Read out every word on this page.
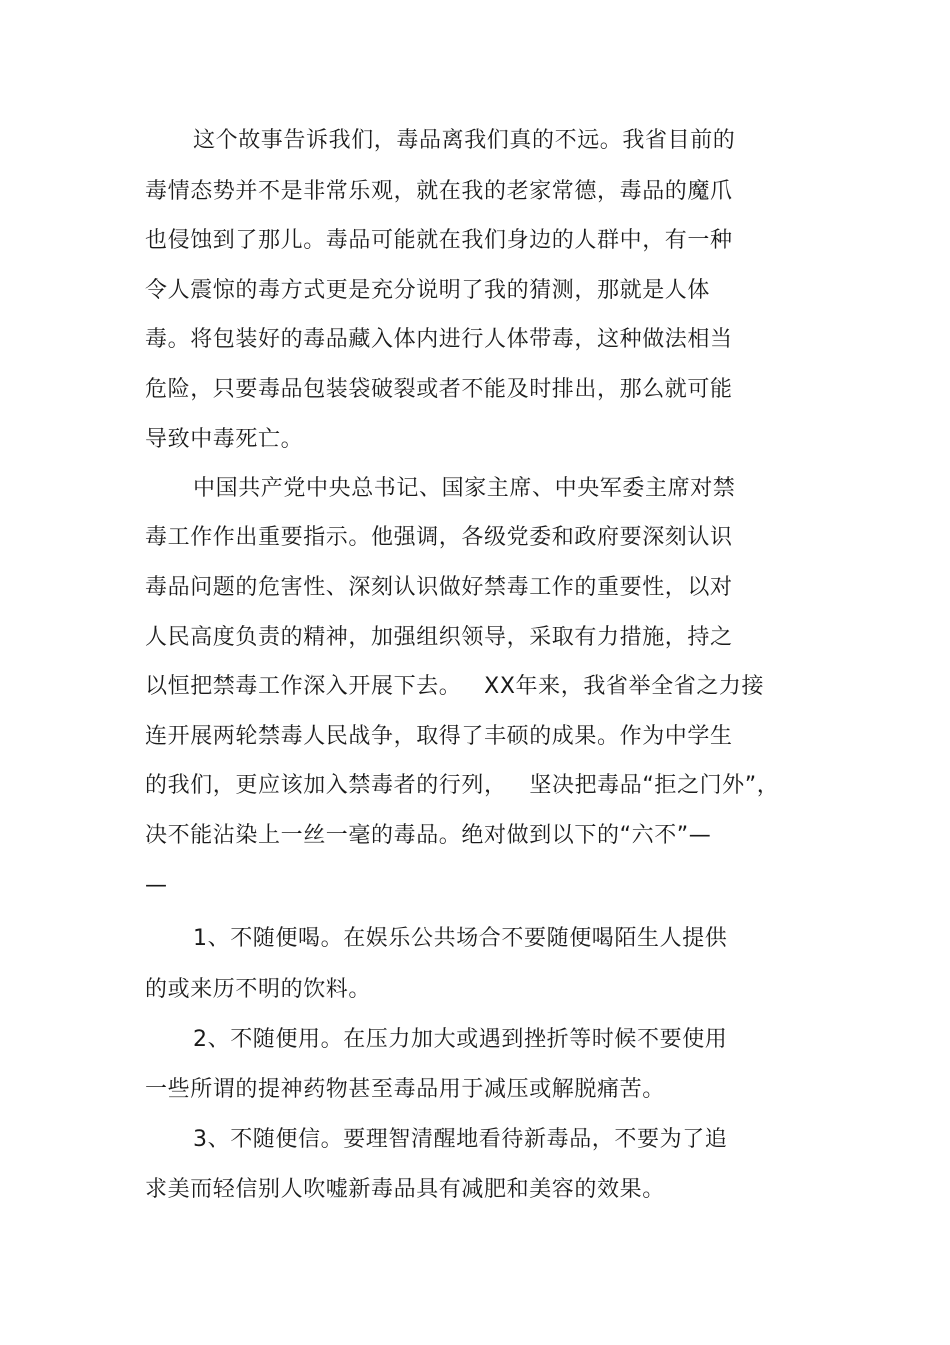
这个故事告诉我们，毒品离我们真的不远。我省目前的
毒情态势并不是非常乐观，就在我的老家常德，毒品的魔爪
也侵蚀到了那儿。毒品可能就在我们身边的人群中，有一种
令人震惊的毒方式更是充分说明了我的猜测，那就是人体
毒。将包装好的毒品藏入体内进行人体带毒，这种做法相当
危险，只要毒品包装袋破裂或者不能及时排出，那么就可能
导致中毒死亡。
中国共产党中央总书记、国家主席、中央军委主席对禁
毒工作作出重要指示。他强调，各级党委和政府要深刻认识
毒品问题的危害性、深刻认识做好禁毒工作的重要性，以对
人民高度负责的精神，加强组织领导，采取有力措施，持之
以恒把禁毒工作深入开展下去。   XX年来，我省举全省之力接
连开展两轮禁毒人民战争，取得了丰硕的成果。作为中学生
的我们，更应该加入禁毒者的行列，   坚决把毒品“拒之门外”，
决不能沾染上一丝一毫的毒品。绝对做到以下的“六不”—
—
1、不随便喝。在娱乐公共场合不要随便喝陌生人提供
的或来历不明的饮料。
2、不随便用。在压力加大或遇到挫折等时候不要使用
一些所谓的提神药物甚至毒品用于减压或解脱痛苦。
3、不随便信。要理智清醒地看待新毒品，不要为了追
求美而轻信别人吹嘘新毒品具有减肥和美容的效果。
